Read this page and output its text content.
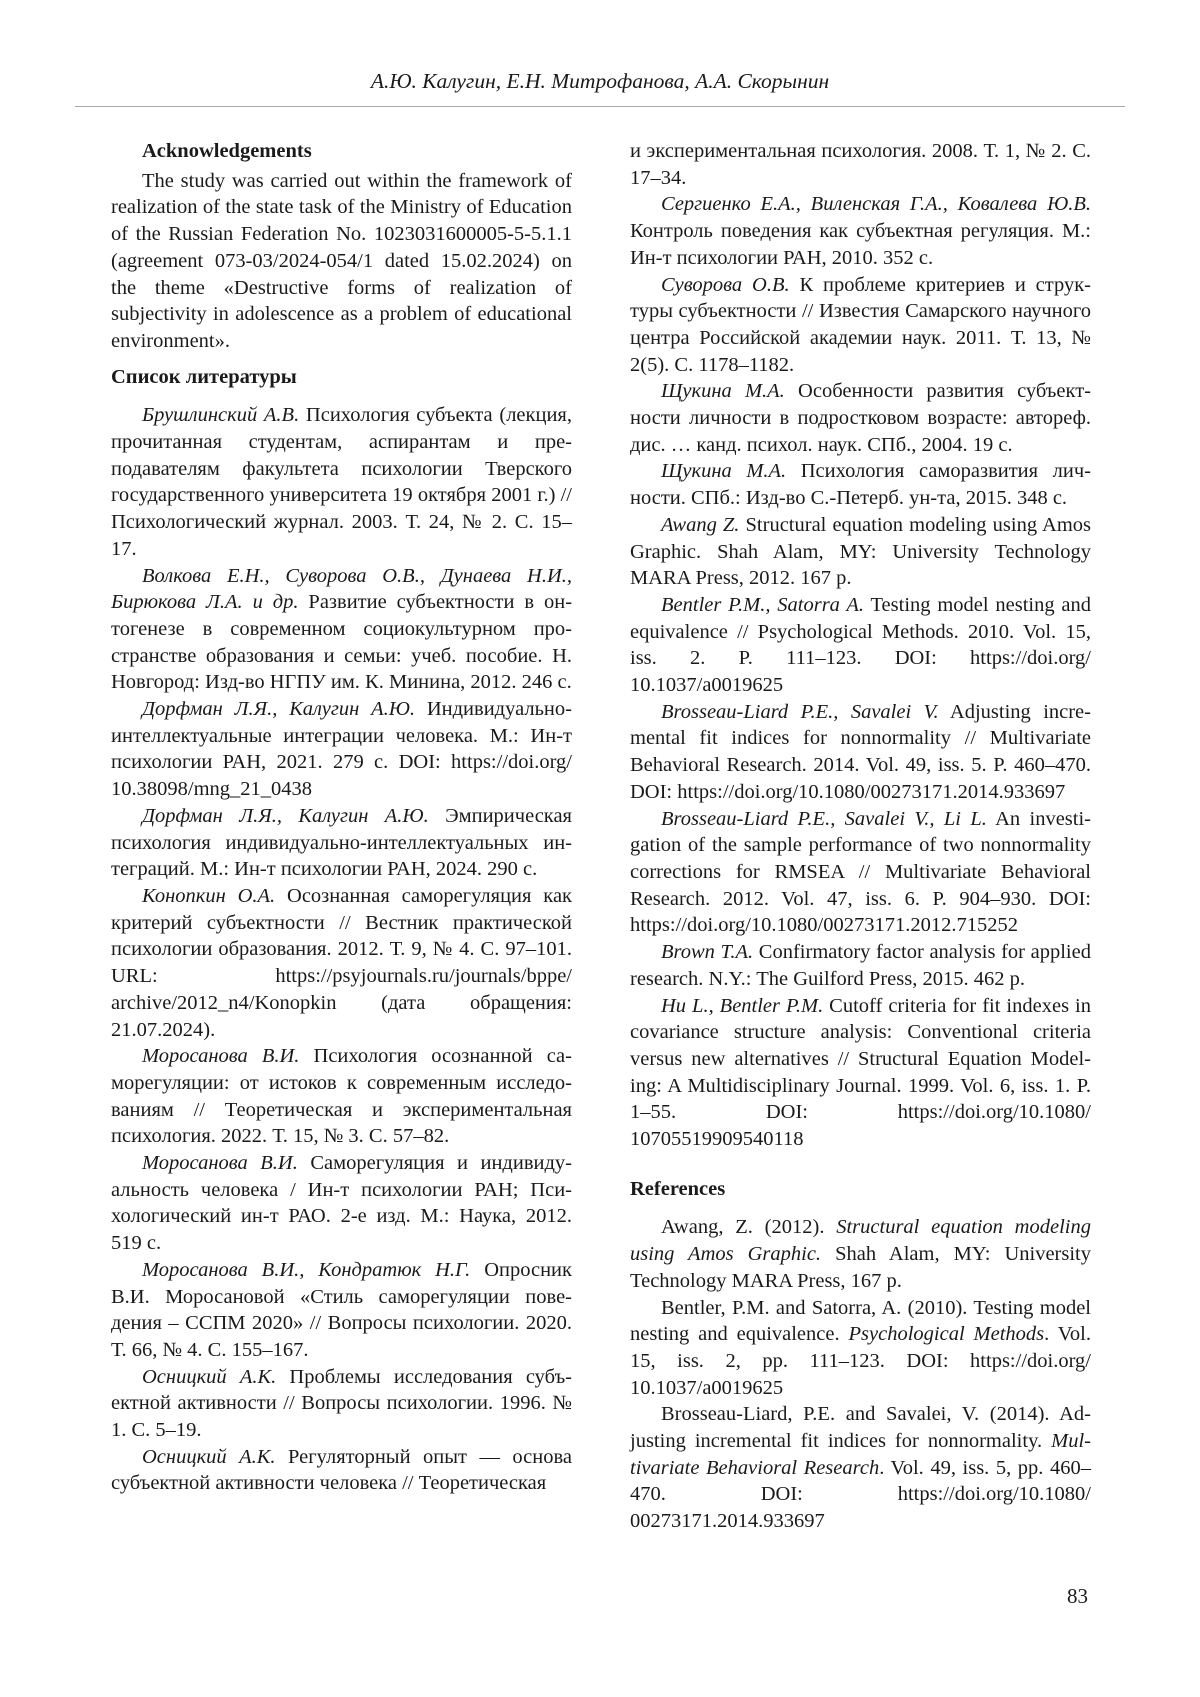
А.Ю. Калугин, Е.Н. Митрофанова, А.А. Скорынин
Acknowledgements

The study was carried out within the framework of realization of the state task of the Ministry of Education of the Russian Federation No. 1023031600005-5-5.1.1 (agreement 073-03/2024-054/1 dated 15.02.2024) on the theme «Destructive forms of realization of subjectivity in adolescence as a problem of educational environment».

Список литературы

Брушлинский А.В. Психология субъекта (лекция, прочитанная студентам, аспирантам и преподавателям факультета психологии Тверского государственного университета 19 октября 2001 г.) // Психологический журнал. 2003. Т. 24, № 2. С. 15–17.

Волкова Е.Н., Суворова О.В., Дунаева Н.И., Бирюкова Л.А. и др. Развитие субъектности в онтогенезе в современном социокультурном пространстве образования и семьи: учеб. пособие. Н. Новгород: Изд-во НГПУ им. К. Минина, 2012. 246 с.

Дорфман Л.Я., Калугин А.Ю. Индивидуально-интеллектуальные интеграции человека. М.: Ин-т психологии РАН, 2021. 279 с. DOI: https://doi.org/​10.38098/mng_21_0438

Дорфман Л.Я., Калугин А.Ю. Эмпирическая психология индивидуально-интеллектуальных интеграций. М.: Ин-т психологии РАН, 2024. 290 с.

Конопкин О.А. Осознанная саморегуляция как критерий субъектности // Вестник практической психологии образования. 2012. Т. 9, № 4. С. 97–101. URL: https://psyjournals.ru/journals/bppe/​archive/2012_n4/Konopkin (дата обращения: 21.07.2024).

Моросанова В.И. Психология осознанной саморегуляции: от истоков к современным исследованиям // Теоретическая и экспериментальная психология. 2022. Т. 15, № 3. С. 57–82.

Моросанова В.И. Саморегуляция и индивидуальность человека / Ин-т психологии РАН; Психологический ин-т РАО. 2-е изд. М.: Наука, 2012. 519 с.

Моросанова В.И., Кондратюк Н.Г. Опросник В.И. Моросановой «Стиль саморегуляции поведения – ССПМ 2020» // Вопросы психологии. 2020. Т. 66, № 4. С. 155–167.

Осницкий А.К. Проблемы исследования субъектной активности // Вопросы психологии. 1996. № 1. С. 5–19.

Осницкий А.К. Регуляторный опыт — основа субъектной активности человека // Теоретическая

и экспериментальная психология. 2008. Т. 1, № 2. С. 17–34.

Сергиенко Е.А., Виленская Г.А., Ковалева Ю.В. Контроль поведения как субъектная регуляция. М.: Ин-т психологии РАН, 2010. 352 с.

Суворова О.В. К проблеме критериев и структуры субъектности // Известия Самарского научного центра Российской академии наук. 2011. Т. 13, № 2(5). С. 1178–1182.

Щукина М.А. Особенности развития субъектности личности в подростковом возрасте: автореф. дис. … канд. психол. наук. СПб., 2004. 19 с.

Щукина М.А. Психология саморазвития личности. СПб.: Изд-во С.-Петерб. ун-та, 2015. 348 с.

Awang Z. Structural equation modeling using Amos Graphic. Shah Alam, MY: University Technology MARA Press, 2012. 167 p.

Bentler P.M., Satorra A. Testing model nesting and equivalence // Psychological Methods. 2010. Vol. 15, iss. 2. P. 111–123. DOI: https://doi.org/​10.1037/a0019625

Brosseau-Liard P.E., Savalei V. Adjusting incremental fit indices for nonnormality // Multivariate Behavioral Research. 2014. Vol. 49, iss. 5. P. 460–470. DOI: https://doi.org/10.1080/​00273171.2014.933697

Brosseau-Liard P.E., Savalei V., Li L. An investigation of the sample performance of two nonnormality corrections for RMSEA // Multivariate Behavioral Research. 2012. Vol. 47, iss. 6. P. 904–930. DOI: https://doi.org/​10.1080/00273171.2012.715252

Brown T.A. Confirmatory factor analysis for applied research. N.Y.: The Guilford Press, 2015. 462 p.

Hu L., Bentler P.M. Cutoff criteria for fit indexes in covariance structure analysis: Conventional criteria versus new alternatives // Structural Equation Modeling: A Multidisciplinary Journal. 1999. Vol. 6, iss. 1. P. 1–55. DOI: https://doi.org/10.1080/​10705519909540118

References

Awang, Z. (2012). Structural equation modeling using Amos Graphic. Shah Alam, MY: University Technology MARA Press, 167 p.

Bentler, P.M. and Satorra, A. (2010). Testing model nesting and equivalence. Psychological Methods. Vol. 15, iss. 2, pp. 111–123. DOI: https://doi.org/​10.1037/a0019625

Brosseau-Liard, P.E. and Savalei, V. (2014). Adjusting incremental fit indices for nonnormality. Multivariate Behavioral Research. Vol. 49, iss. 5, pp. 460–470. DOI: https://doi.org/10.1080/​00273171.2014.933697

83
